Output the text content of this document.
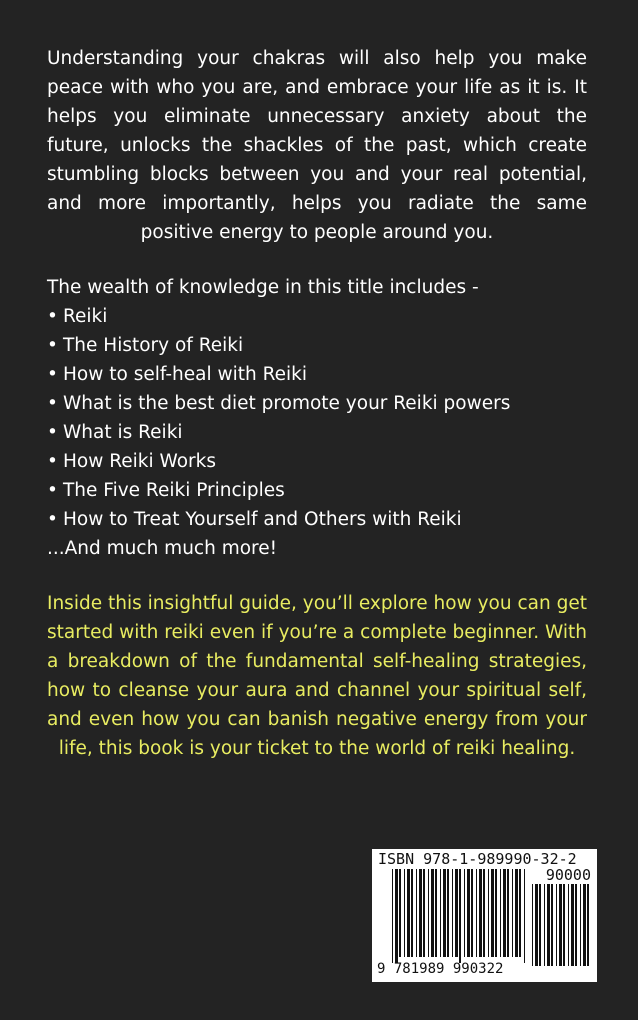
Understanding your chakras will also help you make peace with who you are, and embrace your life as it is. It helps you eliminate unnecessary anxiety about the future, unlocks the shackles of the past, which create stumbling blocks between you and your real potential, and more importantly, helps you radiate the same positive energy to people around you.

The wealth of knowledge in this title includes -
• Reiki
• The History of Reiki
• How to self-heal with Reiki
• What is the best diet promote your Reiki powers
• What is Reiki
• How Reiki Works
• The Five Reiki Principles
• How to Treat Yourself and Others with Reiki
...And much much more!

Inside this insightful guide, you’ll explore how you can get started with reiki even if you’re a complete beginner. With a breakdown of the fundamental self-healing strategies, how to cleanse your aura and channel your spiritual self, and even how you can banish negative energy from your life, this book is your ticket to the world of reiki healing.

ISBN 978-1-989990-32-2
90000
9 781989 990322
